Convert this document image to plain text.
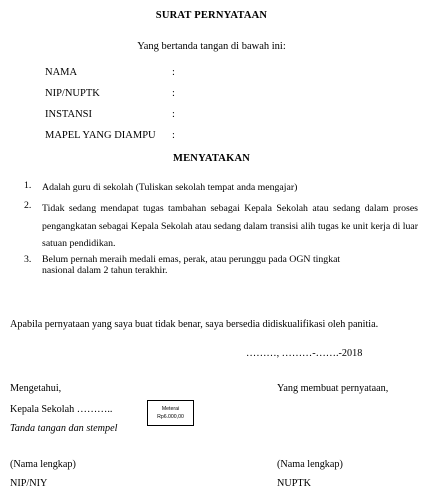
SURAT PERNYATAAN
Yang bertanda tangan di bawah ini:
NAMA	:
NIP/NUPTK	:
INSTANSI	:
MAPEL YANG DIAMPU :
MENYATAKAN
1. Adalah guru di sekolah (Tuliskan sekolah tempat anda mengajar)
2. Tidak sedang mendapat tugas tambahan sebagai Kepala Sekolah atau sedang dalam proses pengangkatan sebagai Kepala Sekolah atau sedang dalam transisi alih tugas ke unit kerja di luar satuan pendidikan.
3. Belum pernah meraih medali emas, perak, atau perunggu pada OGN tingkat nasional dalam 2 tahun terakhir.
Apabila pernyataan yang saya buat tidak benar, saya bersedia didiskualifikasi oleh panitia.
………, ………-…….-2018
Mengetahui,
Kepala Sekolah ………..
Tanda tangan dan stempel
(Nama lengkap)
NIP/NIY
Meterai
Rp6.000,00
Yang membuat pernyataan,
(Nama lengkap)
NUPTK
